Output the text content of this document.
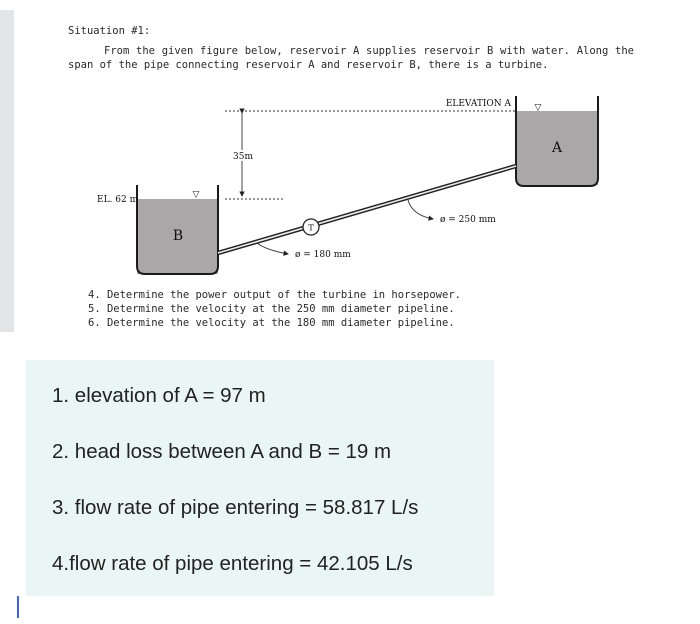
Situation #1:

From the given figure below, reservoir A supplies reservoir B with water. Along the span of the pipe connecting reservoir A and reservoir B, there is a turbine.

A
▽
B
▽
ELEVATION A
EL. 62 m
35m
T
ø = 250 mm
ø = 180 mm
4. Determine the power output of the turbine in horsepower.
5. Determine the velocity at the 250 mm diameter pipeline.
6. Determine the velocity at the 180 mm diameter pipeline.
1. elevation of A = 97 m
2. head loss between A and B = 19 m
3. flow rate of pipe entering = 58.817 L/s
4.flow rate of pipe entering = 42.105 L/s
